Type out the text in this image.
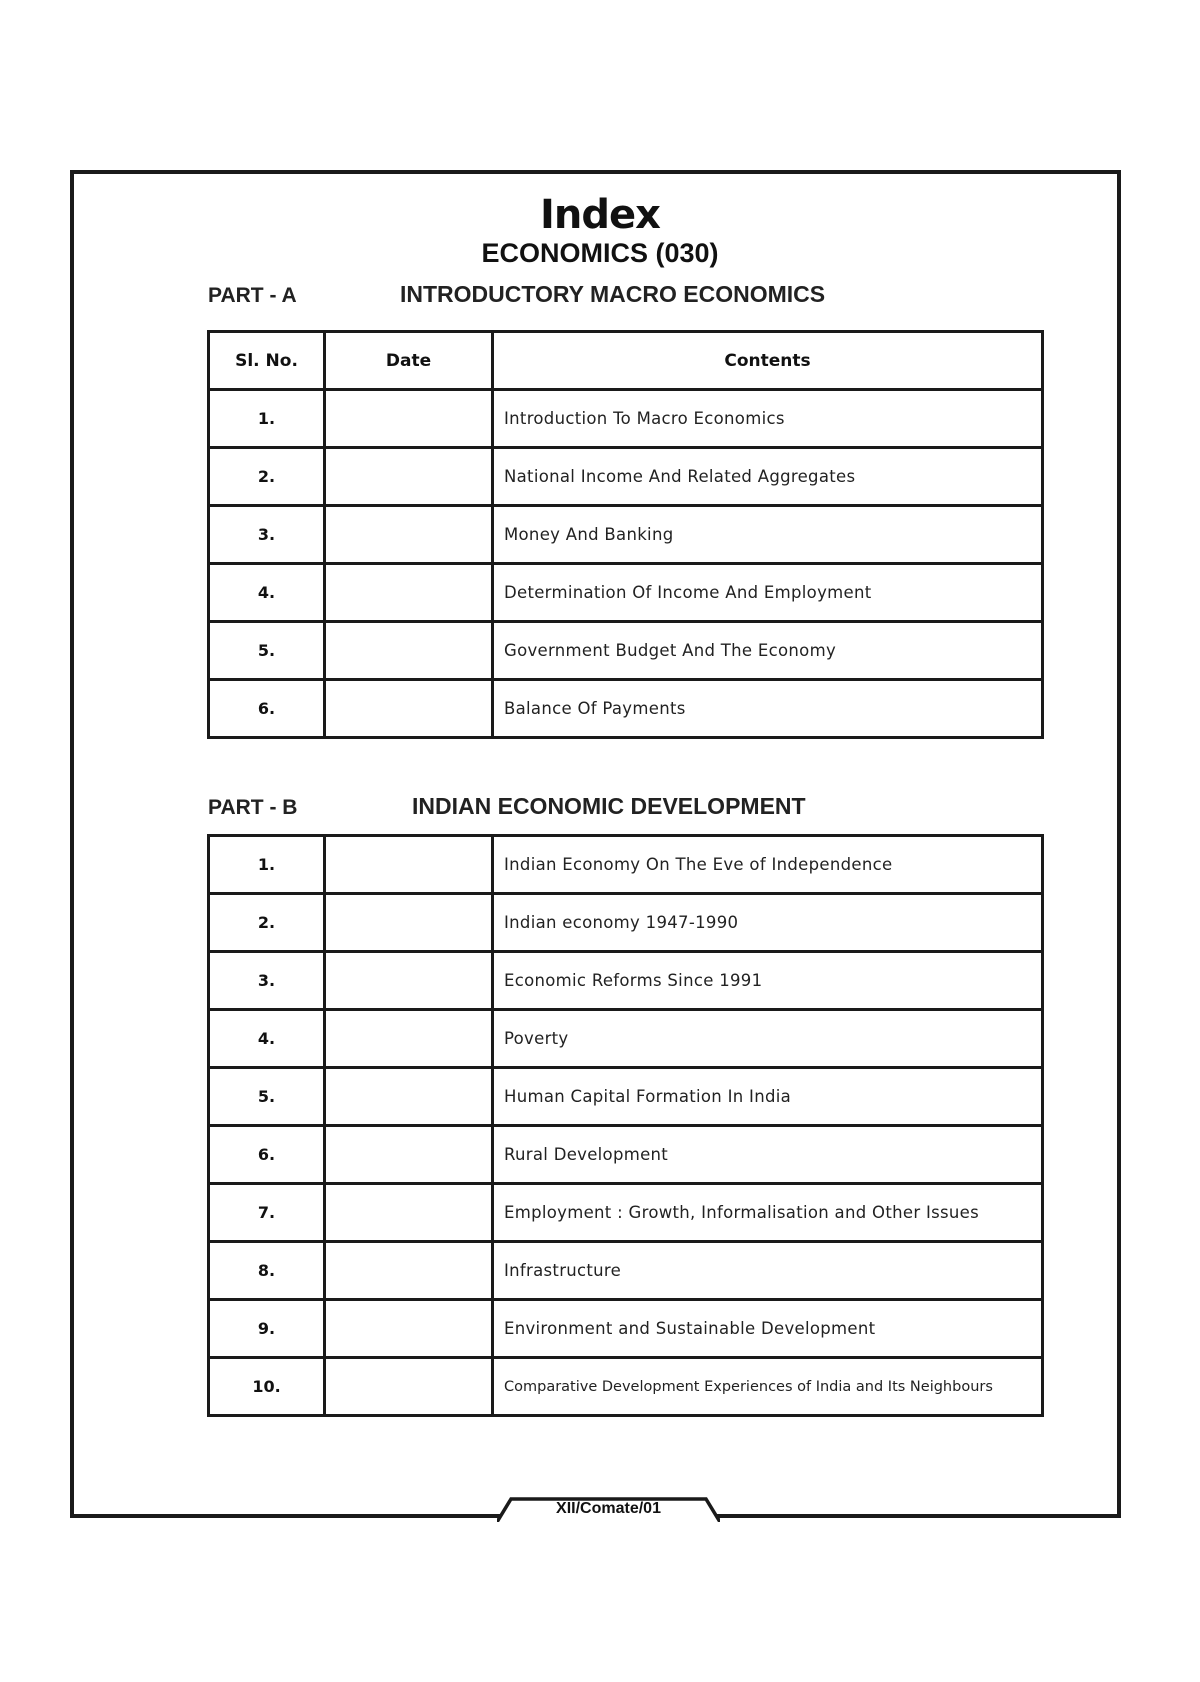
Index
ECONOMICS (030)
PART - A	INTRODUCTORY MACRO ECONOMICS
Sl. No.	Date	Contents
1.		Introduction To Macro Economics
2.		National Income And Related Aggregates
3.		Money And Banking
4.		Determination Of Income And Employment
5.		Government Budget And The Economy
6.		Balance Of Payments
PART - B	INDIAN ECONOMIC DEVELOPMENT
1.		Indian Economy On The Eve of Independence
2.		Indian economy 1947-1990
3.		Economic Reforms Since 1991
4.		Poverty
5.		Human Capital Formation In India
6.		Rural Development
7.		Employment : Growth, Informalisation and Other Issues
8.		Infrastructure
9.		Environment and Sustainable Development
10.		Comparative Development Experiences of India and Its Neighbours
XII/Comate/01
